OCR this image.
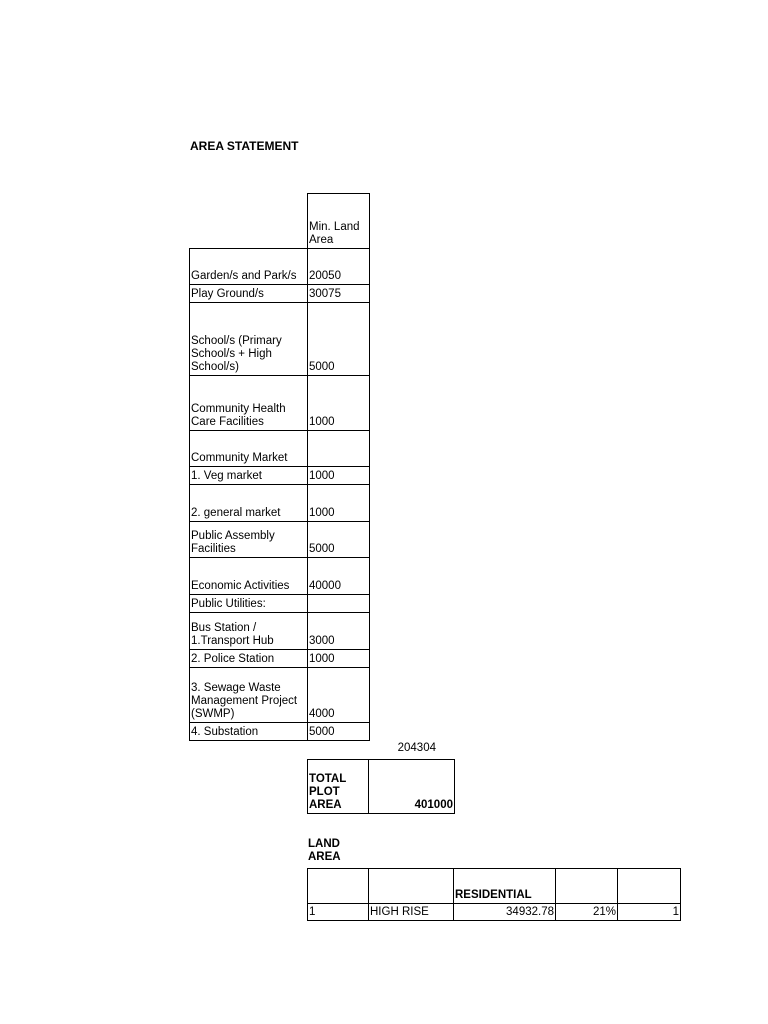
AREA STATEMENT
	Min. Land Area
Garden/s and Park/s	20050
Play Ground/s	30075
School/s (Primary School/s + High School/s)	5000
Community Health Care Facilities	1000
Community Market	
1. Veg market	1000
2. general market	1000
Public Assembly Facilities	5000
Economic Activities	40000
Public Utilities:	
Bus Station / 1.Transport Hub	3000
2. Police Station	1000
3. Sewage Waste Management Project (SWMP)	4000
4. Substation	5000
204304
TOTAL PLOT AREA	401000
LAND AREA
		RESIDENTIAL		
1	HIGH RISE	34932.78	21%	1
